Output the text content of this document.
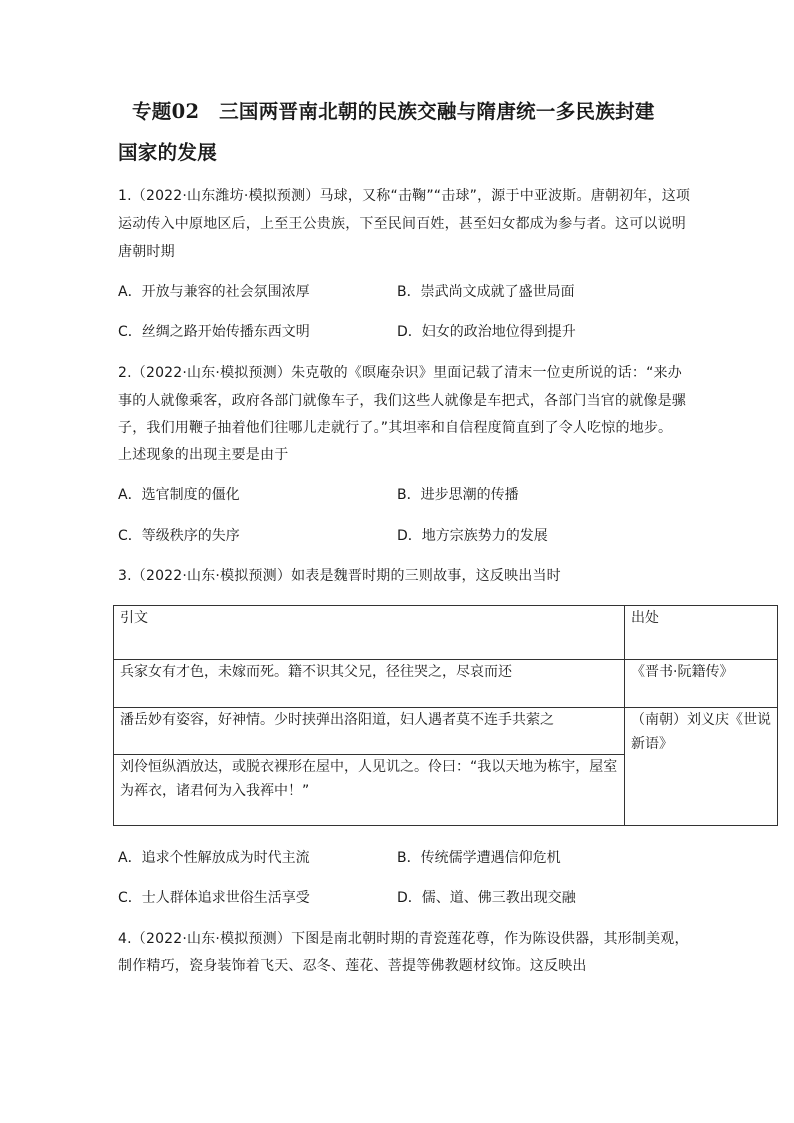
专题02　三国两晋南北朝的民族交融与隋唐统一多民族封建
国家的发展
1.（2022·山东潍坊·模拟预测）马球，又称“击鞠”“击球”，源于中亚波斯。唐朝初年，这项
运动传入中原地区后，上至王公贵族，下至民间百姓，甚至妇女都成为参与者。这可以说明
唐朝时期
A．开放与兼容的社会氛围浓厚	B．崇武尚文成就了盛世局面
C．丝绸之路开始传播东西文明	D．妇女的政治地位得到提升
2.（2022·山东·模拟预测）朱克敬的《暝庵杂识》里面记载了清末一位吏所说的话：“来办
事的人就像乘客，政府各部门就像车子，我们这些人就像是车把式，各部门当官的就像是骡
子，我们用鞭子抽着他们往哪儿走就行了。”其坦率和自信程度简直到了令人吃惊的地步。
上述现象的出现主要是由于
A．选官制度的僵化	B．进步思潮的传播
C．等级秩序的失序	D．地方宗族势力的发展
3.（2022·山东·模拟预测）如表是魏晋时期的三则故事，这反映出当时
引文	出处
兵家女有才色，未嫁而死。籍不识其父兄，径往哭之，尽哀而还	《晋书·阮籍传》
潘岳妙有姿容，好神情。少时挟弹出洛阳道，妇人遇者莫不连手共萦之	（南朝）刘义庆《世说
新语》

刘伶恒纵酒放达，或脱衣裸形在屋中，人见讥之。伶曰：“我以天地为栋宇，屋室
为裈衣，诸君何为入我裈中！”	
A．追求个性解放成为时代主流	B．传统儒学遭遇信仰危机
C．士人群体追求世俗生活享受	D．儒、道、佛三教出现交融
4.（2022·山东·模拟预测）下图是南北朝时期的青瓷莲花尊，作为陈设供器，其形制美观，
制作精巧，瓷身装饰着飞天、忍冬、莲花、菩提等佛教题材纹饰。这反映出
